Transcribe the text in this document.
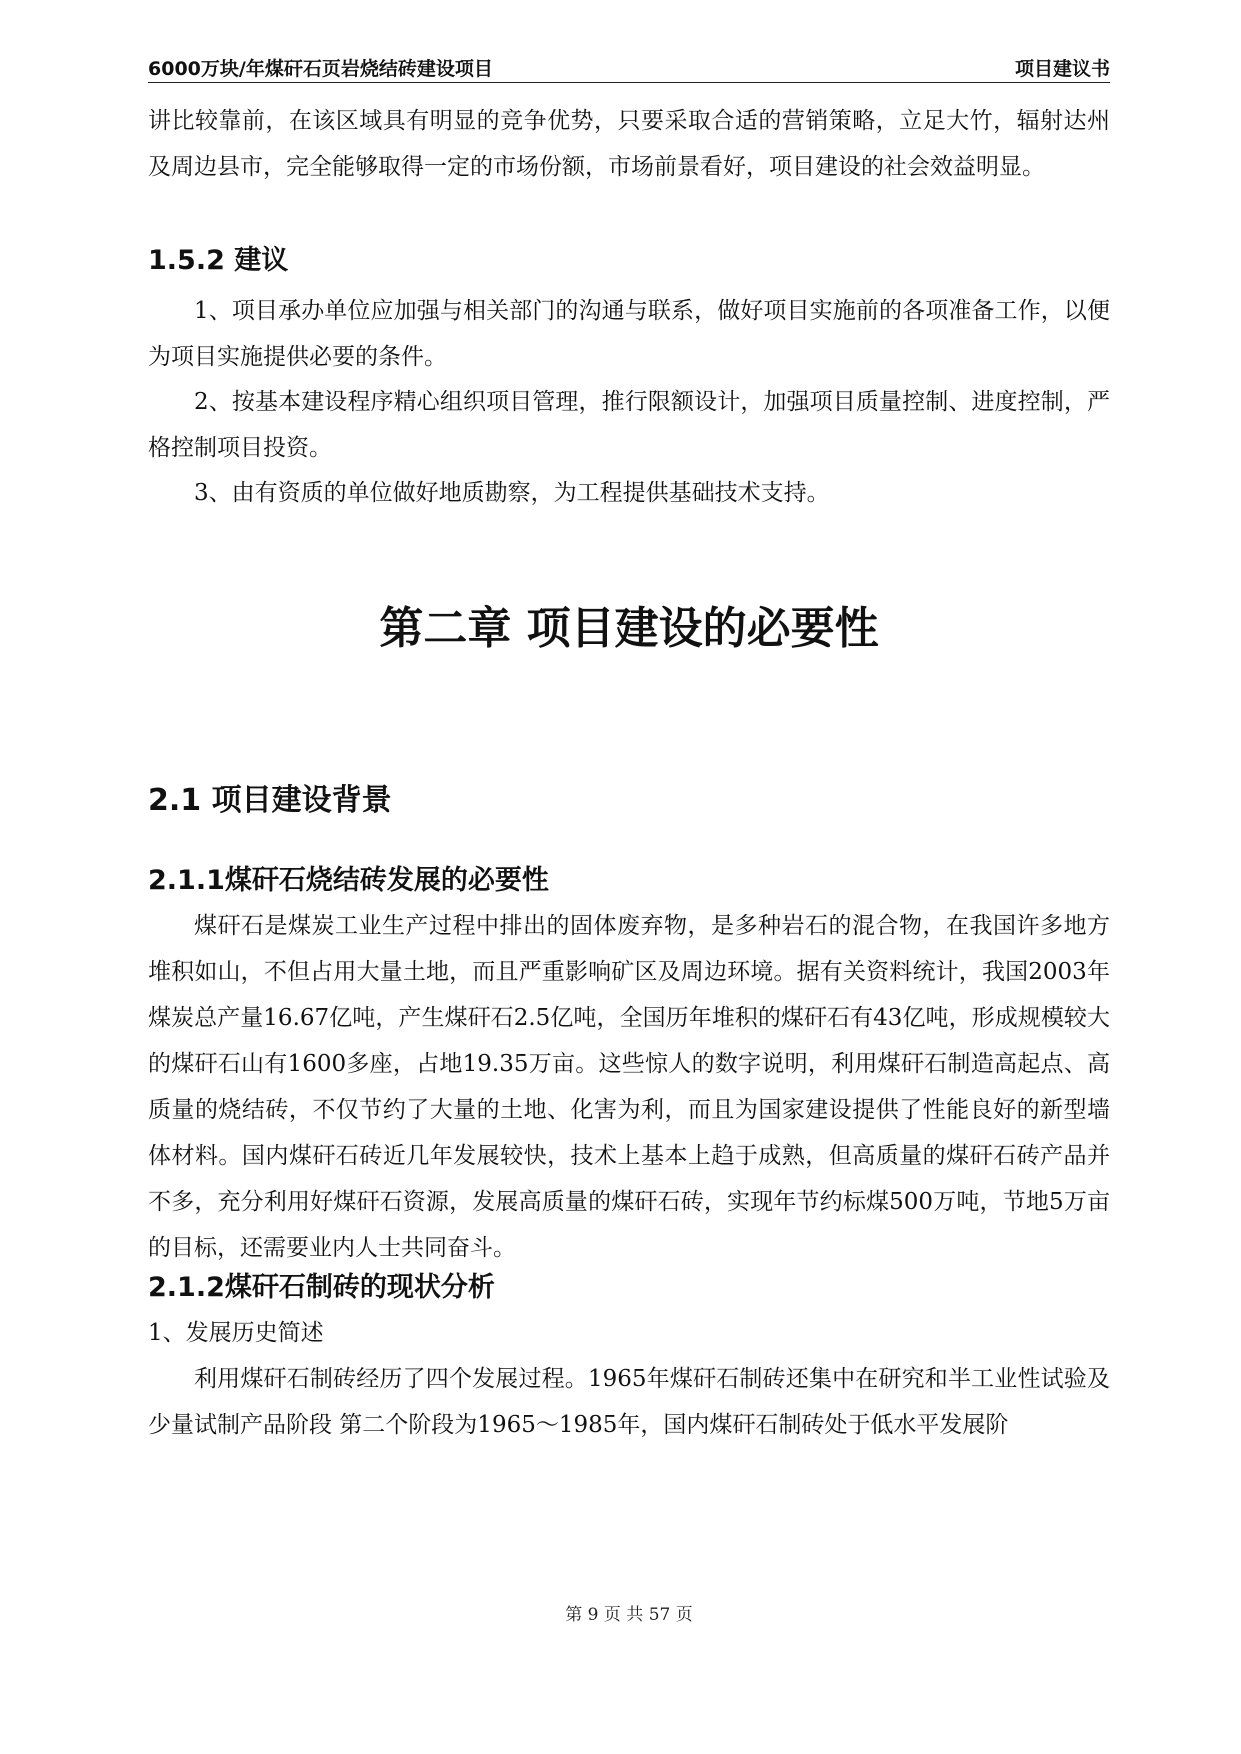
6000万块/年煤矸石页岩烧结砖建设项目	项目建议书

讲比较靠前，在该区域具有明显的竞争优势，只要采取合适的营销策略，立足大竹，辐射达州及周边县市，完全能够取得一定的市场份额，市场前景看好，项目建设的社会效益明显。

1.5.2 建议

1、项目承办单位应加强与相关部门的沟通与联系，做好项目实施前的各项准备工作，以便为项目实施提供必要的条件。

2、按基本建设程序精心组织项目管理，推行限额设计，加强项目质量控制、进度控制，严格控制项目投资。

3、由有资质的单位做好地质勘察，为工程提供基础技术支持。

第二章 项目建设的必要性
2.1 项目建设背景
2.1.1煤矸石烧结砖发展的必要性

煤矸石是煤炭工业生产过程中排出的固体废弃物，是多种岩石的混合物，在我国许多地方堆积如山，不但占用大量土地，而且严重影响矿区及周边环境。据有关资料统计，我国2003年煤炭总产量16.67亿吨，产生煤矸石2.5亿吨，全国历年堆积的煤矸石有43亿吨，形成规模较大的煤矸石山有1600多座，占地19.35万亩。这些惊人的数字说明，利用煤矸石制造高起点、高质量的烧结砖，不仅节约了大量的土地、化害为利，而且为国家建设提供了性能良好的新型墙体材料。国内煤矸石砖近几年发展较快，技术上基本上趋于成熟，但高质量的煤矸石砖产品并不多，充分利用好煤矸石资源，发展高质量的煤矸石砖，实现年节约标煤500万吨，节地5万亩的目标，还需要业内人士共同奋斗。

2.1.2煤矸石制砖的现状分析

1、发展历史简述

利用煤矸石制砖经历了四个发展过程。1965年煤矸石制砖还集中在研究和半工业性试验及少量试制产品阶段 第二个阶段为1965～1985年，国内煤矸石制砖处于低水平发展阶

第 9 页 共 57 页
